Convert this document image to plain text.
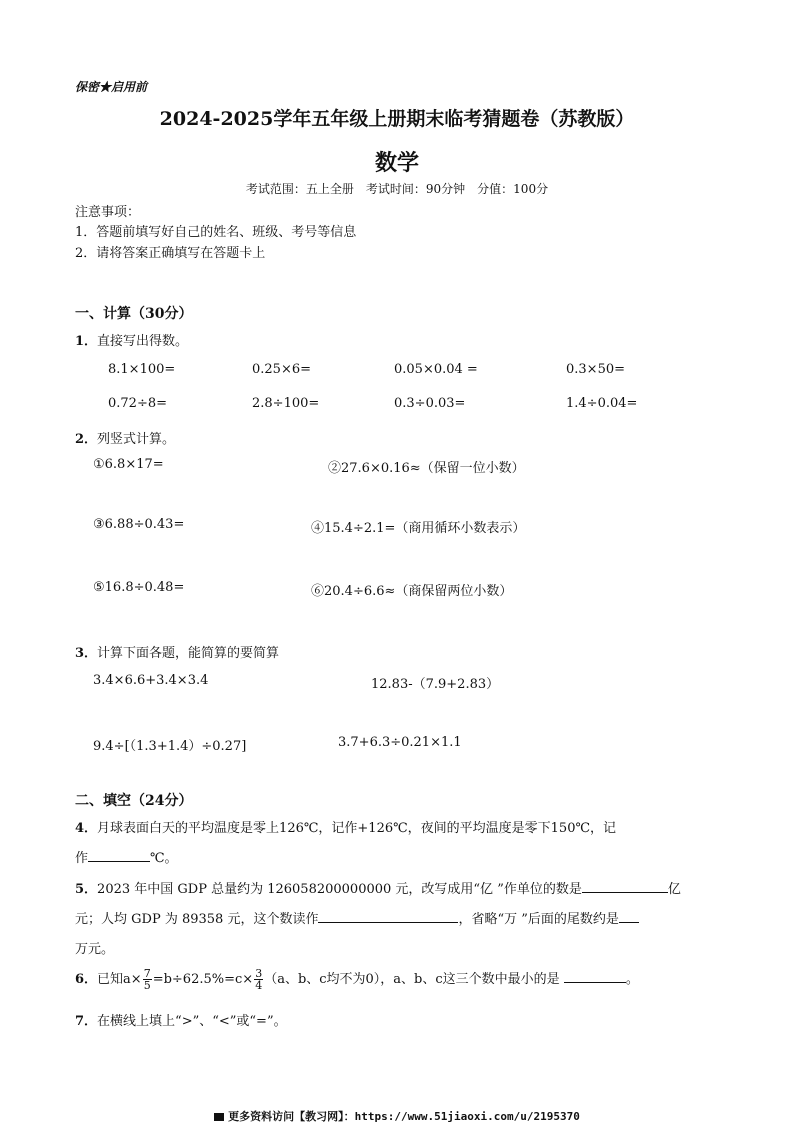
保密★启用前
2024-2025学年五年级上册期末临考猜题卷（苏教版）
数学
考试范围：五上全册　考试时间：90分钟　分值：100分
注意事项：
1．答题前填写好自己的姓名、班级、考号等信息
2．请将答案正确填写在答题卡上
一、计算（30分）
1．直接写出得数。
8.1×100=	0.25×6=	0.05×0.04 =	0.3×50=
0.72÷8=	2.8÷100=	0.3÷0.03=	1.4÷0.04=
2．列竖式计算。
①6.8×17=	②27.6×0.16≈（保留一位小数）
③6.88÷0.43=	④15.4÷2.1=（商用循环小数表示）
⑤16.8÷0.48=	⑥20.4÷6.6≈（商保留两位小数）
3．计算下面各题，能简算的要简算
3.4×6.6+3.4×3.4	12.83-（7.9+2.83）
9.4÷[（1.3+1.4）÷0.27]	3.7+6.3÷0.21×1.1
二、填空（24分）
4．月球表面白天的平均温度是零上126℃，记作+126℃，夜间的平均温度是零下150℃，记
作	℃。
5．2023 年中国 GDP 总量约为 126058200000000 元，改写成用“亿 ”作单位的数是	亿
元；人均 GDP 为 89358 元，这个数读作	，省略“万 ”后面的尾数约是
万元。
6．已知$a\times \frac{7}{5} =b\div 62.5\%=c\times \frac{3}{4} (a$、b、c均不为0），a、b、c这三个数中最小的是	。
7．在横线上填上“>”、“<”或“=”。
更多资料访问【教习网】：https://www.51jiaoxi.com/u/2195370
